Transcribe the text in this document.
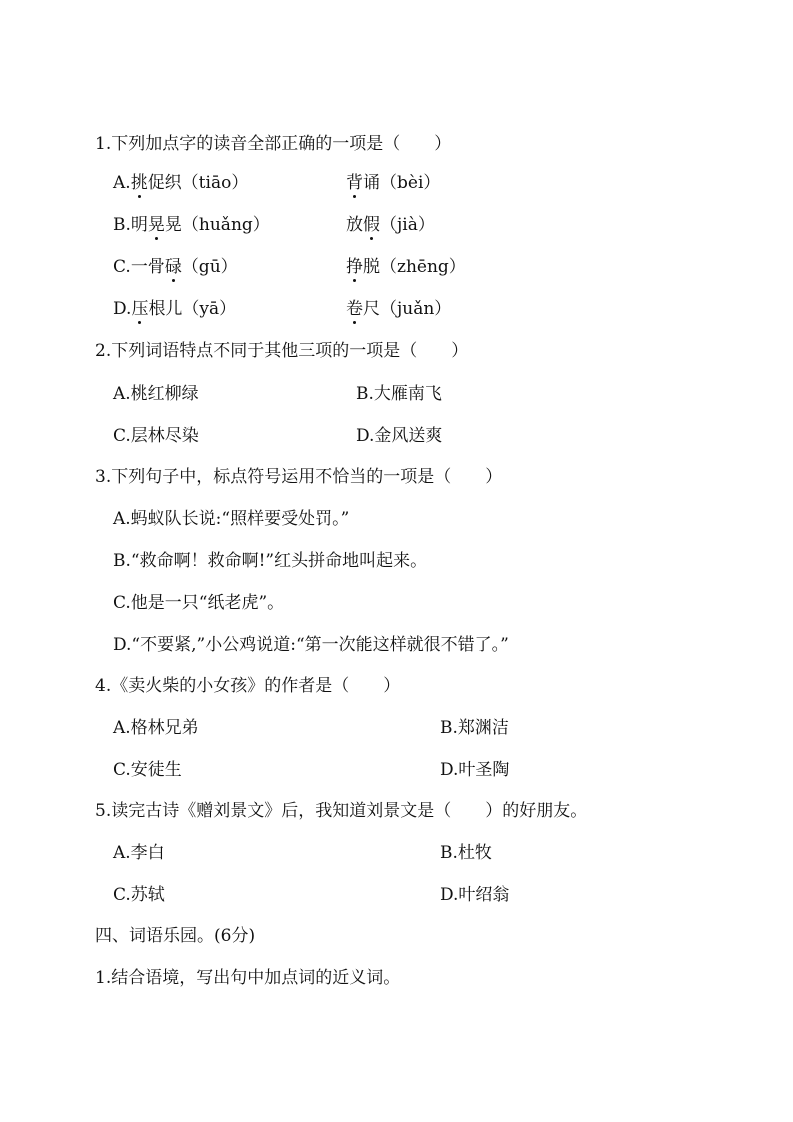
1.下列加点字的读音全部正确的一项是（　　）
A.挑促织（tiāo）	背诵（bèi）
B.明晃晃（huǎng）	放假（jià）
C.一骨碌（gū）	挣脱（zhēng）
D.压根儿（yā）	卷尺（juǎn）
2.下列词语特点不同于其他三项的一项是（　　）
A.桃红柳绿	B.大雁南飞
C.层林尽染	D.金风送爽
3.下列句子中，标点符号运用不恰当的一项是（　　）
A.蚂蚁队长说:“照样要受处罚。”
B.“救命啊！救命啊!”红头拼命地叫起来。
C.他是一只“纸老虎”。
D.“不要紧,”小公鸡说道:“第一次能这样就很不错了。”
4.《卖火柴的小女孩》的作者是（　　）
A.格林兄弟	B.郑渊洁
C.安徒生	D.叶圣陶
5.读完古诗《赠刘景文》后，我知道刘景文是（　　）的好朋友。
A.李白	B.杜牧
C.苏轼	D.叶绍翁
四、词语乐园。(6分)
1.结合语境，写出句中加点词的近义词。
